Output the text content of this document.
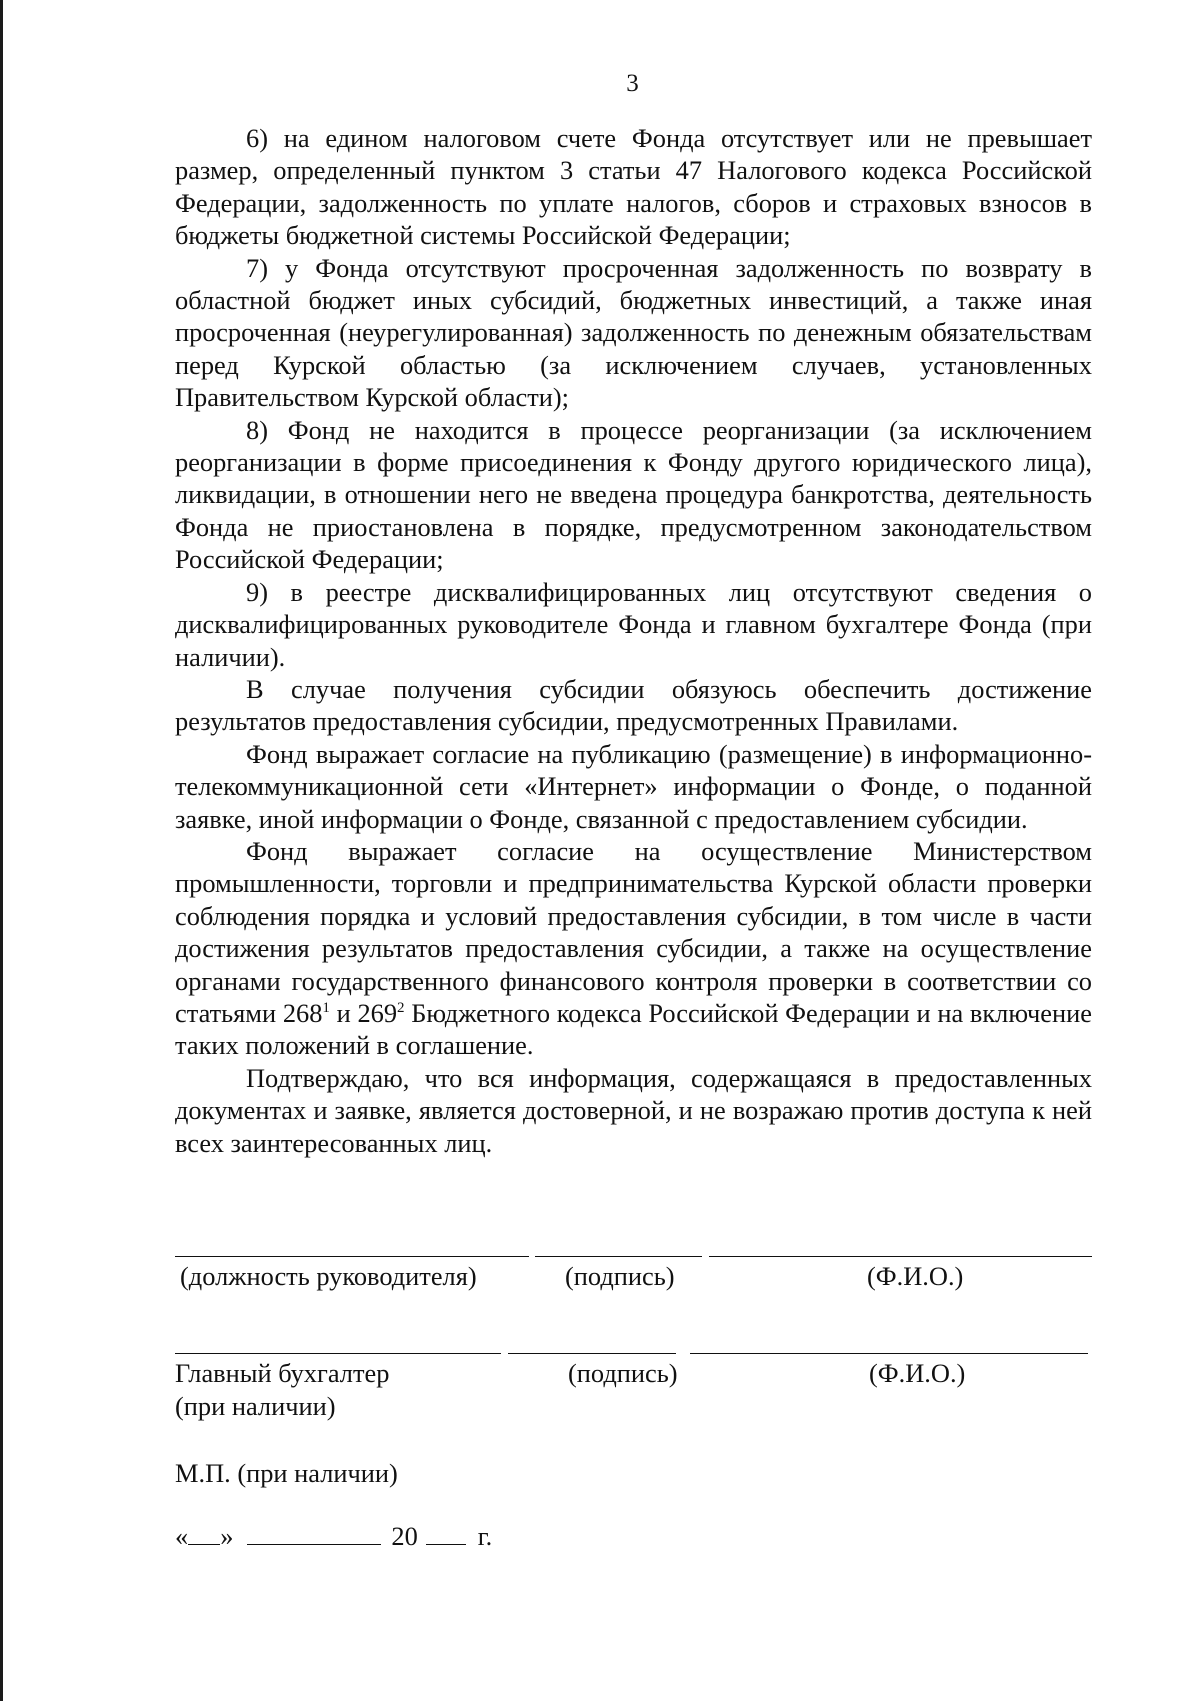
3

6) на едином налоговом счете Фонда отсутствует или не превышает размер, определенный пунктом 3 статьи 47 Налогового кодекса Российской Федерации, задолженность по уплате налогов, сборов и страховых взносов в бюджеты бюджетной системы Российской Федерации;

7) у Фонда отсутствуют просроченная задолженность по возврату в областной бюджет иных субсидий, бюджетных инвестиций, а также иная просроченная (неурегулированная) задолженность по денежным обязательствам перед Курской областью (за исключением случаев, установленных Правительством Курской области);

8) Фонд не находится в процессе реорганизации (за исключением реорганизации в форме присоединения к Фонду другого юридического лица), ликвидации, в отношении него не введена процедура банкротства, деятельность Фонда не приостановлена в порядке, предусмотренном законодательством Российской Федерации;

9) в реестре дисквалифицированных лиц отсутствуют сведения о дисквалифицированных руководителе Фонда и главном бухгалтере Фонда (при наличии).

В случае получения субсидии обязуюсь обеспечить достижение результатов предоставления субсидии, предусмотренных Правилами.

Фонд выражает согласие на публикацию (размещение) в информационно-телекоммуникационной сети «Интернет» информации о Фонде, о поданной заявке, иной информации о Фонде, связанной с предоставлением субсидии.

Фонд выражает согласие на осуществление Министерством промышленности, торговли и предпринимательства Курской области проверки соблюдения порядка и условий предоставления субсидии, в том числе в части достижения результатов предоставления субсидии, а также на осуществление органами государственного финансового контроля проверки в соответствии со статьями $268^1$ и $269^2$ Бюджетного кодекса Российской Федерации и на включение таких положений в соглашение.

Подтверждаю, что вся информация, содержащаяся в предоставленных документах и заявке, является достоверной, и не возражаю против доступа к ней всех заинтересованных лиц.

(должность руководителя)	(подпись)	(Ф.И.О.)
Главный бухгалтер
(при наличии)
(подпись)	(Ф.И.О.)
М.П. (при наличии)
« »	20 г.
